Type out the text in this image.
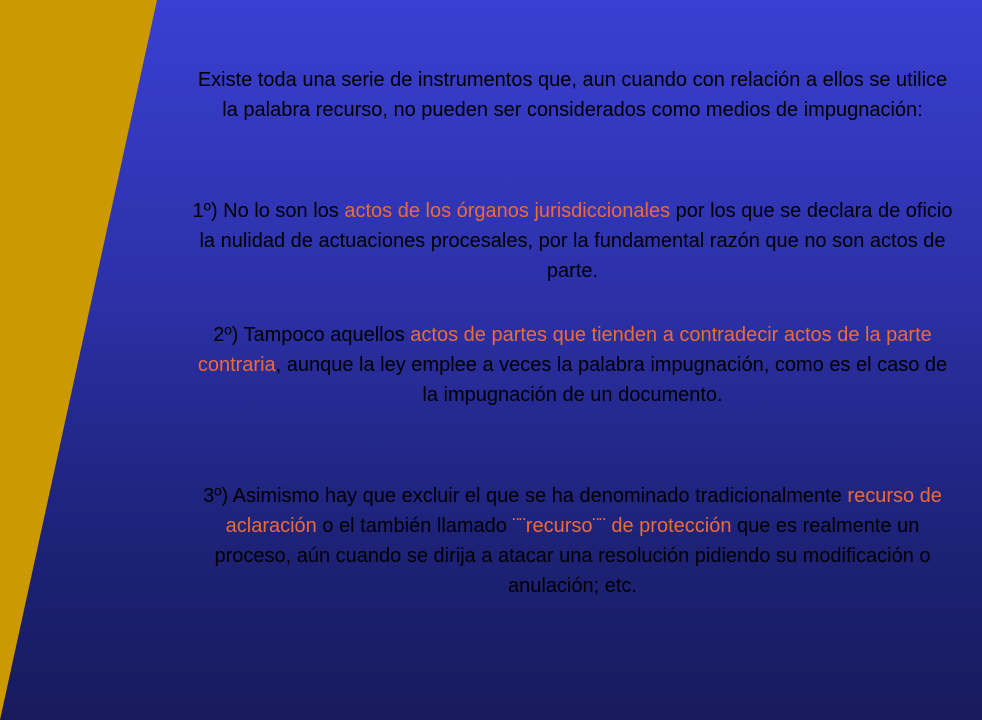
Existe toda una serie de instrumentos que, aun cuando con relación a ellos se utilice la palabra recurso, no pueden ser considerados como medios de impugnación:
1º) No lo son los actos de los órganos jurisdiccionales por los que se declara de oficio la nulidad de actuaciones procesales, por la fundamental razón que no son actos de parte.
2º) Tampoco aquellos actos de partes que tienden a contradecir actos de la parte contraria, aunque la ley emplee a veces la palabra impugnación, como es el caso de la impugnación de un documento.
3º) Asimismo hay que excluir el que se ha denominado tradicionalmente recurso de aclaración o el también llamado ¨¨recurso¨¨ de protección que es realmente un proceso, aún cuando se dirija a atacar una resolución pidiendo su modificación o anulación; etc.
